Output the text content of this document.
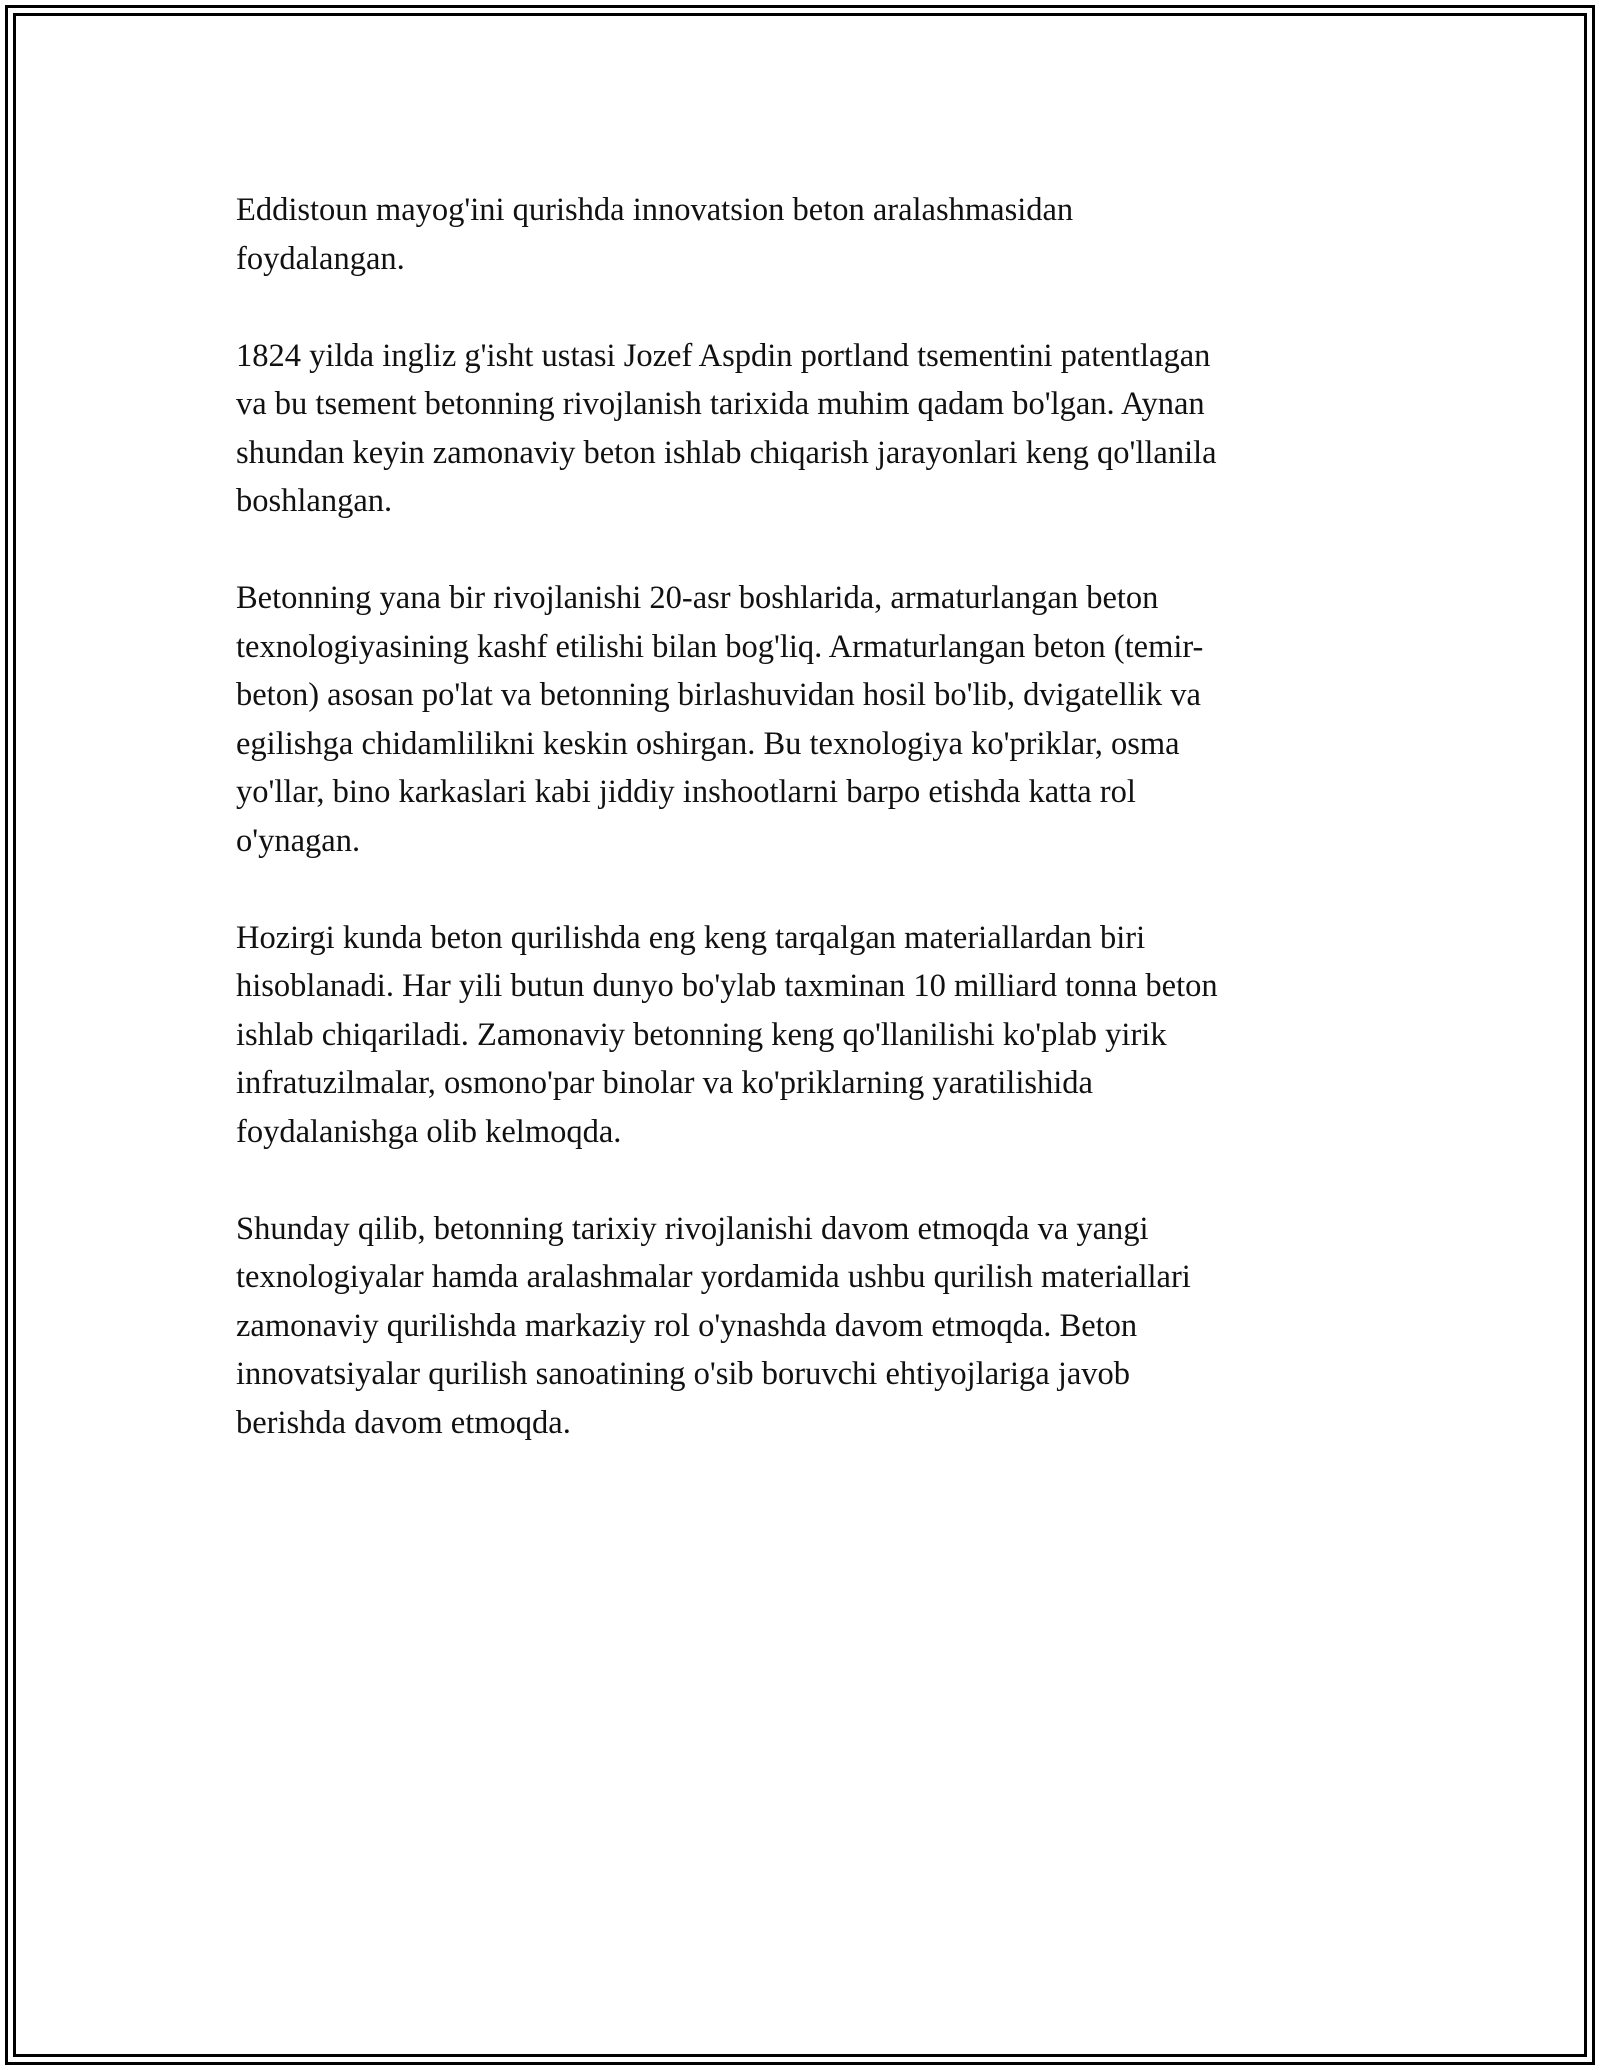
Eddistoun mayog'ini qurishda innovatsion beton aralashmasidan
foydalangan.

1824 yilda ingliz g'isht ustasi Jozef Aspdin portland tsementini patentlagan
va bu tsement betonning rivojlanish tarixida muhim qadam bo'lgan. Aynan
shundan keyin zamonaviy beton ishlab chiqarish jarayonlari keng qo'llanila
boshlangan.

Betonning yana bir rivojlanishi 20-asr boshlarida, armaturlangan beton
texnologiyasining kashf etilishi bilan bog'liq. Armaturlangan beton (temir-
beton) asosan po'lat va betonning birlashuvidan hosil bo'lib, dvigatellik va
egilishga chidamlilikni keskin oshirgan. Bu texnologiya ko'priklar, osma
yo'llar, bino karkaslari kabi jiddiy inshootlarni barpo etishda katta rol
o'ynagan.

Hozirgi kunda beton qurilishda eng keng tarqalgan materiallardan biri
hisoblanadi. Har yili butun dunyo bo'ylab taxminan 10 milliard tonna beton
ishlab chiqariladi. Zamonaviy betonning keng qo'llanilishi ko'plab yirik
infratuzilmalar, osmono'par binolar va ko'priklarning yaratilishida
foydalanishga olib kelmoqda.

Shunday qilib, betonning tarixiy rivojlanishi davom etmoqda va yangi
texnologiyalar hamda aralashmalar yordamida ushbu qurilish materiallari
zamonaviy qurilishda markaziy rol o'ynashda davom etmoqda. Beton
innovatsiyalar qurilish sanoatining o'sib boruvchi ehtiyojlariga javob
berishda davom etmoqda.
